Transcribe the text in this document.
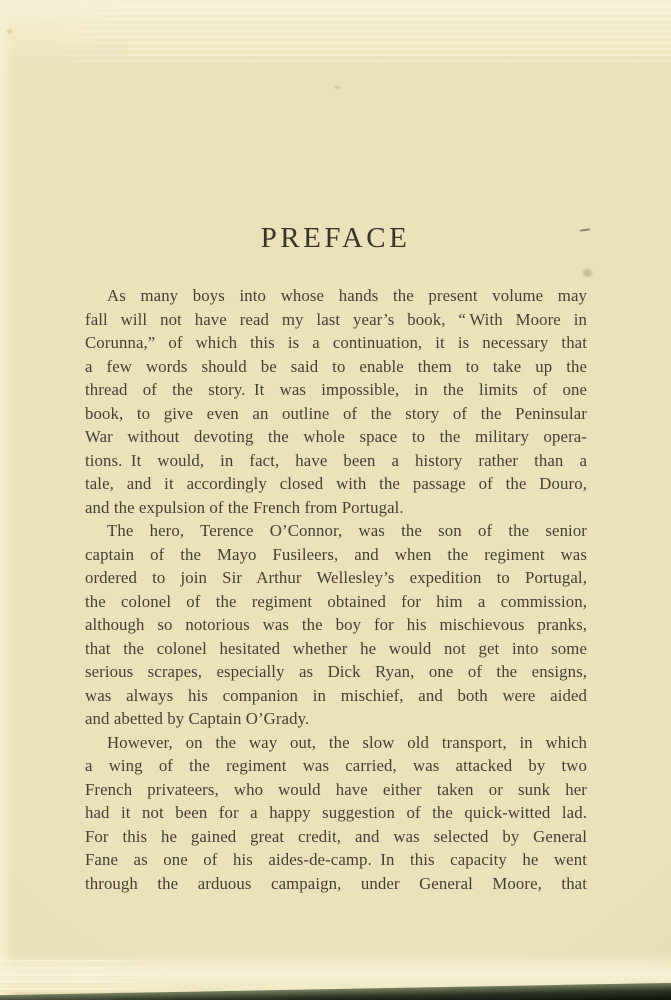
PREFACE
As many boys into whose hands the present volume may
fall will not have read my last year’s book, “ With Moore in
Corunna,” of which this is a continuation, it is necessary that
a few words should be said to enable them to take up the
thread of the story. It was impossible, in the limits of one
book, to give even an outline of the story of the Peninsular
War without devoting the whole space to the military opera-
tions. It would, in fact, have been a history rather than a
tale, and it accordingly closed with the passage of the Douro,
and the expulsion of the French from Portugal.
The hero, Terence O’Connor, was the son of the senior
captain of the Mayo Fusileers, and when the regiment was
ordered to join Sir Arthur Wellesley’s expedition to Portugal,
the colonel of the regiment obtained for him a commission,
although so notorious was the boy for his mischievous pranks,
that the colonel hesitated whether he would not get into some
serious scrapes, especially as Dick Ryan, one of the ensigns,
was always his companion in mischief, and both were aided
and abetted by Captain O’Grady.
However, on the way out, the slow old transport, in which
a wing of the regiment was carried, was attacked by two
French privateers, who would have either taken or sunk her
had it not been for a happy suggestion of the quick-witted lad.
For this he gained great credit, and was selected by General
Fane as one of his aides-de-camp. In this capacity he went
through the arduous campaign, under General Moore, that
